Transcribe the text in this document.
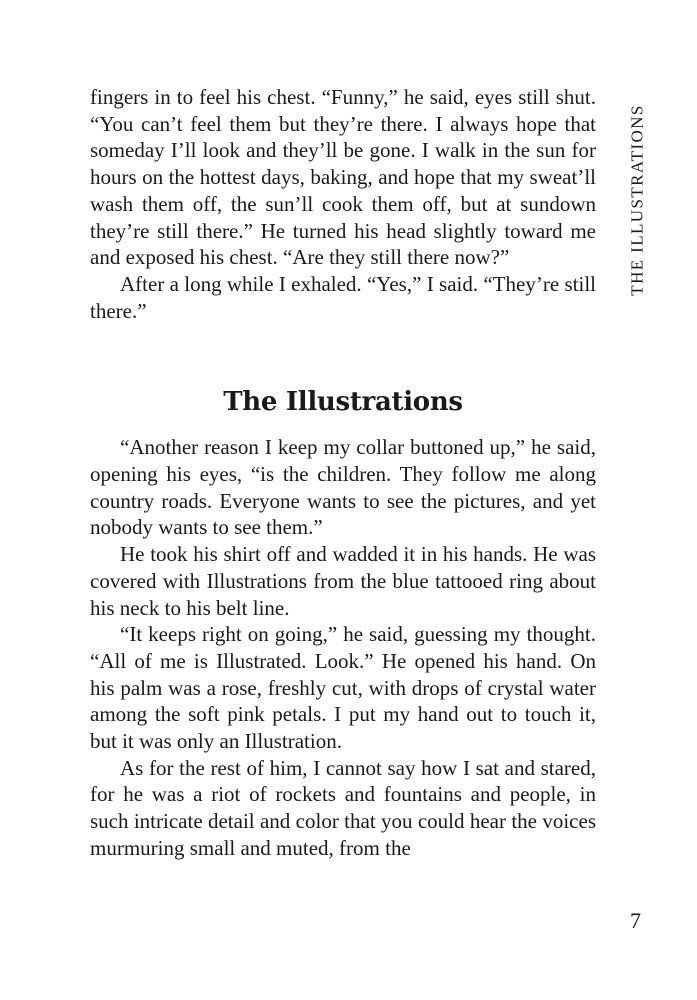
THE ILLUSTRATIONS

fingers in to feel his chest. “Funny,” he said, eyes still shut. “You can’t feel them but they’re there. I always hope that someday I’ll look and they’ll be gone. I walk in the sun for hours on the hottest days, baking, and hope that my sweat’ll wash them off, the sun’ll cook them off, but at sundown they’re still there.” He turned his head slightly toward me and exposed his chest. “Are they still there now?”

After a long while I exhaled. “Yes,” I said. “They’re still there.”

The Illustrations

“Another reason I keep my collar buttoned up,” he said, opening his eyes, “is the children. They follow me along country roads. Everyone wants to see the pictures, and yet nobody wants to see them.”

He took his shirt off and wadded it in his hands. He was covered with Illustrations from the blue tattooed ring about his neck to his belt line.

“It keeps right on going,” he said, guessing my thought. “All of me is Illustrated. Look.” He opened his hand. On his palm was a rose, freshly cut, with drops of crystal water among the soft pink petals. I put my hand out to touch it, but it was only an Illustration.

As for the rest of him, I cannot say how I sat and stared, for he was a riot of rockets and fountains and people, in such intricate detail and color that you could hear the voices murmuring small and muted, from the

7
